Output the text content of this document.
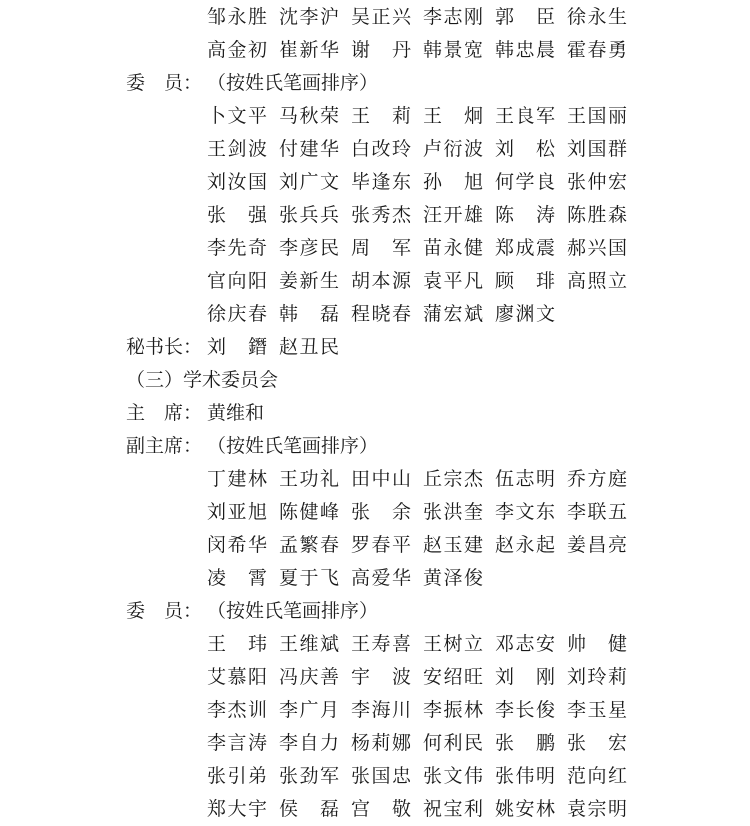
邹永胜 沈李沪 吴正兴 李志刚 郭　臣 徐永生
高金初 崔新华 谢　丹 韩景宽 韩忠晨 霍春勇
委　员： （按姓氏笔画排序）
卜文平 马秋荣 王　莉 王　炯 王良军 王国丽
王剑波 付建华 白改玲 卢衍波 刘　松 刘国群
刘汝国 刘广文 毕逢东 孙　旭 何学良 张仲宏
张　强 张兵兵 张秀杰 汪开雄 陈　涛 陈胜森
李先奇 李彦民 周　军 苗永健 郑成震 郝兴国
官向阳 姜新生 胡本源 袁平凡 顾　琲 高照立
徐庆春 韩　磊 程晓春 蒲宏斌 廖渊文
秘书长： 刘　鐕 赵丑民
（三）学术委员会
主　席： 黄维和
副主席： （按姓氏笔画排序）
丁建林 王功礼 田中山 丘宗杰 伍志明 乔方庭
刘亚旭 陈健峰 张　余 张洪奎 李文东 李联五
闵希华 孟繁春 罗春平 赵玉建 赵永起 姜昌亮
凌　霄 夏于飞 高爱华 黄泽俊
委　员： （按姓氏笔画排序）
王　玮 王维斌 王寿喜 王树立 邓志安 帅　健
艾慕阳 冯庆善 宇　波 安绍旺 刘　刚 刘玲莉
李杰训 李广月 李海川 李振林 李长俊 李玉星
李言涛 李自力 杨莉娜 何利民 张　鹏 张　宏
张引弟 张劲军 张国忠 张文伟 张伟明 范向红
郑大宇 侯　磊 宫　敬 祝宝利 姚安林 袁宗明
